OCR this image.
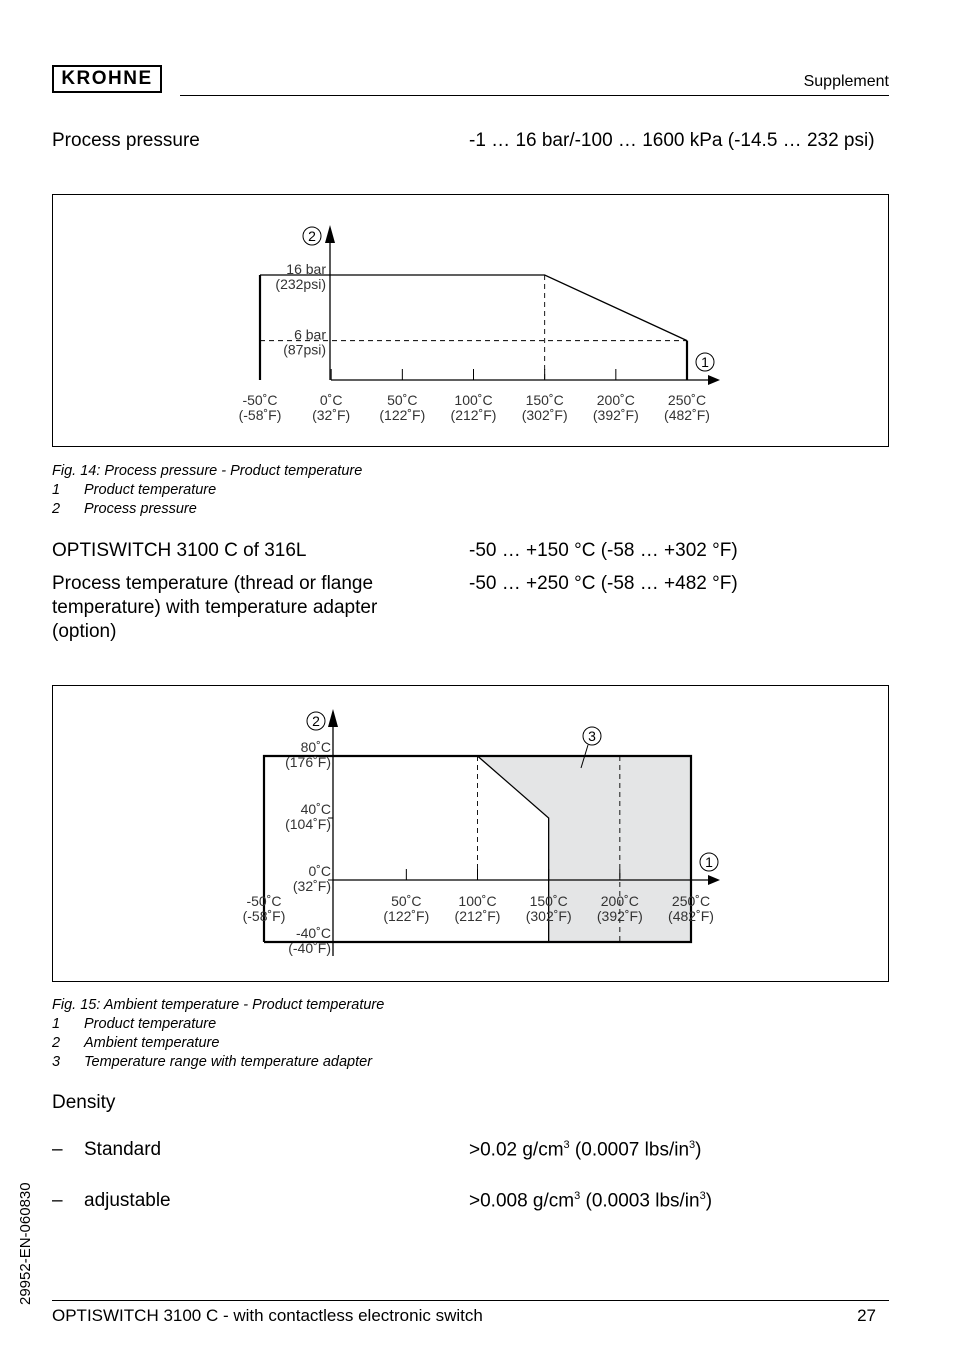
KROHNE	Supplement
Process pressure	-1 … 16 bar/-100 … 1600 kPa (-14.5 … 232 psi)
-50˚C
(-58˚F)
0˚C
(32˚F)
50˚C
(122˚F)
100˚C
(212˚F)
150˚C
(302˚F)
200˚C
(392˚F)
250˚C
(482˚F)
16 bar
(232psi)
6 bar
(87psi)
2
1
Fig. 14: Process pressure - Product temperature
1 Product temperature
2 Process pressure
OPTISWITCH 3100 C of 316L	-50 … +150 °C (-58 … +302 °F)
Process temperature (thread or flange
temperature) with temperature adapter
(option)
-50 … +250 °C (-58 … +482 °F)
-50˚C
(-58˚F)
50˚C
(122˚F)
100˚C
(212˚F)
150˚C
(302˚F)
200˚C
(392˚F)
250˚C
(482˚F)
80˚C
(176˚F)
40˚C
(104˚F)
0˚C
(32˚F)
-40˚C
(-40˚F)
2
3
1
Fig. 15: Ambient temperature - Product temperature
1 Product temperature
2 Ambient temperature
3 Temperature range with temperature adapter
Density
– Standard	>0.02 $g/cm^3$ (0.0007 lbs/$in^3$)
– adjustable	>0.008 $g/cm^3$ (0.0003 lbs/$in^3$)
29952-EN-060830
OPTISWITCH 3100 C - with contactless electronic switch	27
